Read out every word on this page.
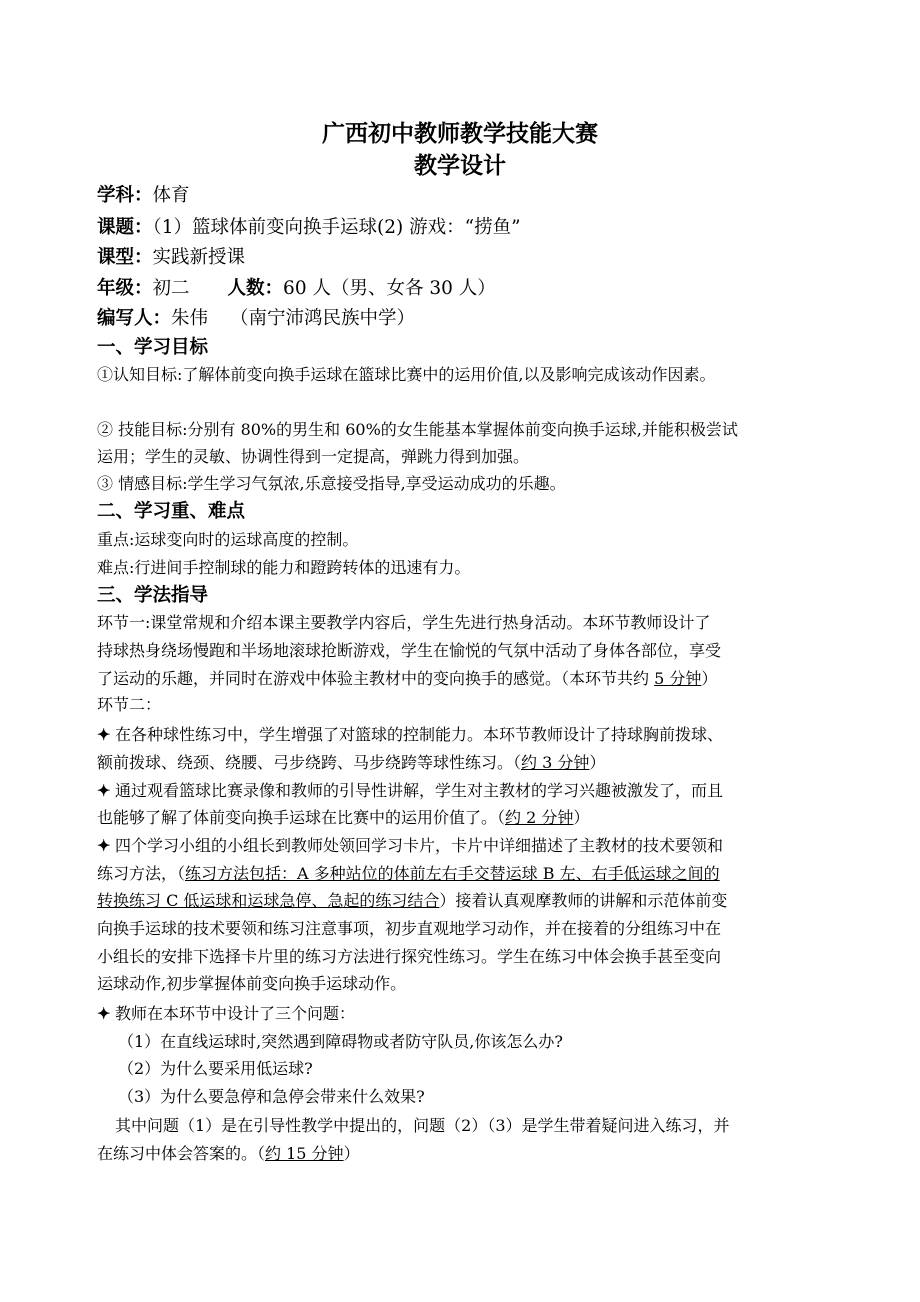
广西初中教师教学技能大赛
教学设计
学科：体育
课题：（1）篮球体前变向换手运球(2) 游戏：“捞鱼”
课型：实践新授课
年级：初二 人数：60 人（男、女各 30 人）
编写人：朱伟 （南宁沛鸿民族中学）
一、学习目标
①认知目标:了解体前变向换手运球在篮球比赛中的运用价值,以及影响完成该动作因素。
② 技能目标:分别有 80%的男生和 60%的女生能基本掌握体前变向换手运球,并能积极尝试
运用；学生的灵敏、协调性得到一定提高，弹跳力得到加强。
③ 情感目标:学生学习气氛浓,乐意接受指导,享受运动成功的乐趣。
二、学习重、难点
重点:运球变向时的运球高度的控制。
难点:行进间手控制球的能力和蹬跨转体的迅速有力。
三、学法指导
环节一:课堂常规和介绍本课主要教学内容后，学生先进行热身活动。本环节教师设计了
持球热身绕场慢跑和半场地滚球抢断游戏，学生在愉悦的气氛中活动了身体各部位，享受
了运动的乐趣，并同时在游戏中体验主教材中的变向换手的感觉。（本环节共约 5 分钟）
环节二：
✦ 在各种球性练习中，学生增强了对篮球的控制能力。本环节教师设计了持球胸前拨球、
额前拨球、绕颈、绕腰、弓步绕跨、马步绕跨等球性练习。（约 3 分钟）
✦ 通过观看篮球比赛录像和教师的引导性讲解，学生对主教材的学习兴趣被激发了，而且
也能够了解了体前变向换手运球在比赛中的运用价值了。（约 2 分钟）
✦ 四个学习小组的小组长到教师处领回学习卡片，卡片中详细描述了主教材的技术要领和
练习方法，（练习方法包括：A 多种站位的体前左右手交替运球 B 左、右手低运球之间的
转换练习 C 低运球和运球急停、急起的练习结合）接着认真观摩教师的讲解和示范体前变
向换手运球的技术要领和练习注意事项，初步直观地学习动作，并在接着的分组练习中在
小组长的安排下选择卡片里的练习方法进行探究性练习。学生在练习中体会换手甚至变向
运球动作,初步掌握体前变向换手运球动作。
✦ 教师在本环节中设计了三个问题：
（1）在直线运球时,突然遇到障碍物或者防守队员,你该怎么办?
（2）为什么要采用低运球?
（3）为什么要急停和急停会带来什么效果?
其中问题（1）是在引导性教学中提出的，问题（2）（3）是学生带着疑问进入练习，并
在练习中体会答案的。（约 15 分钟）
